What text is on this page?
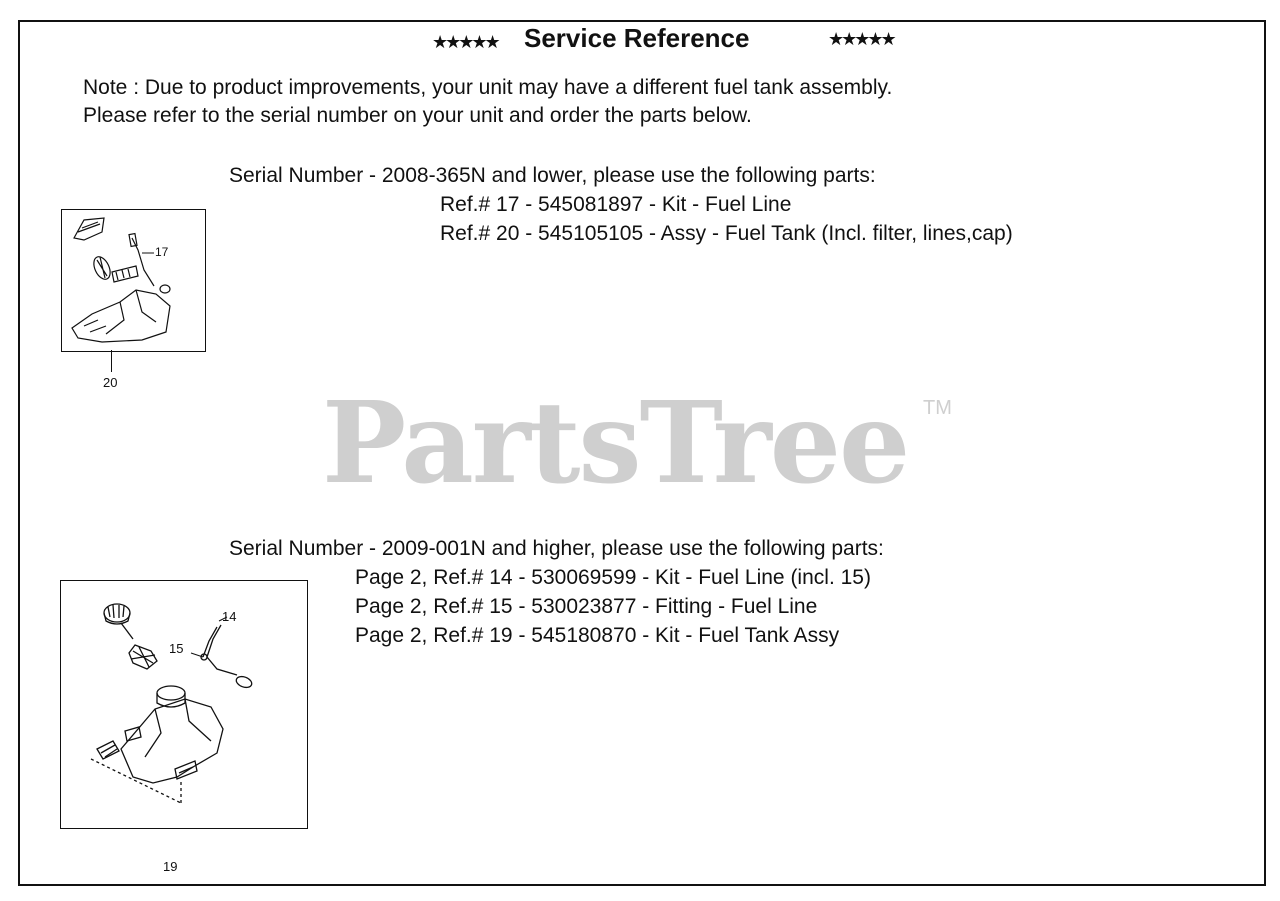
★★★★★ Service Reference	★★★★★
Note : Due to product improvements, your unit may have a different fuel tank assembly.
Please refer to the serial number on your unit and order the parts below.
Serial Number - 2008-365N and lower, please use the following parts:
Ref.# 17 - 545081897 - Kit - Fuel Line
Ref.# 20 - 545105105 - Assy - Fuel Tank (Incl. filter, lines,cap)
17
20 PartsTree TM
Serial Number - 2009-001N and higher, please use the following parts:
Page 2, Ref.# 14 - 530069599 - Kit - Fuel Line (incl. 15)
Page 2, Ref.# 15 - 530023877 - Fitting - Fuel Line
Page 2, Ref.# 19 - 545180870 - Kit - Fuel Tank Assy
14
15
19
